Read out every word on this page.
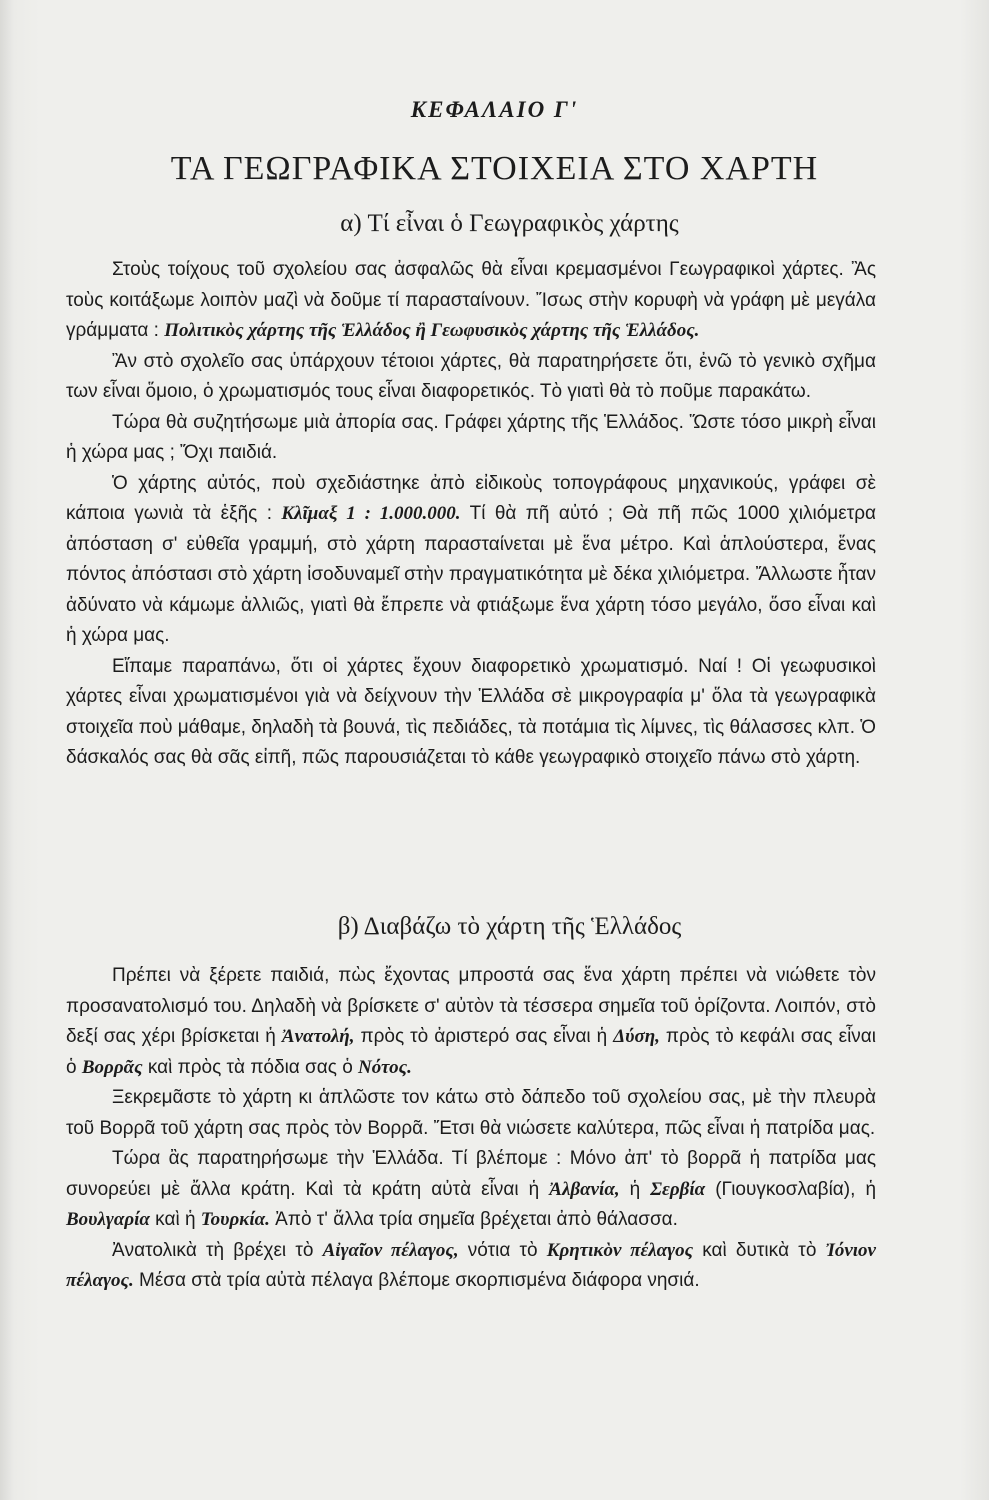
ΚΕΦΑΛΑΙΟ Γ'
ΤΑ ΓΕΩΓΡΑΦΙΚΑ ΣΤΟΙΧΕΙΑ ΣΤΟ ΧΑΡΤΗ
α) Τί εἶναι ὁ Γεωγραφικὸς χάρτης

Στοὺς τοίχους τοῦ σχολείου σας ἀσφαλῶς θὰ εἶναι κρεμασμένοι Γεωγραφικοὶ χάρτες. Ἂς τοὺς κοιτάξωμε λοιπὸν μαζὶ νὰ δοῦμε τί παρασταίνουν. Ἴσως στὴν κορυφὴ νὰ γράφη μὲ μεγάλα γράμματα : Πολιτικὸς χάρτης τῆς Ἑλλάδος ἢ Γεωφυσικὸς χάρτης τῆς Ἑλλάδος.

Ἂν στὸ σχολεῖο σας ὑπάρχουν τέτοιοι χάρτες, θὰ παρατηρήσετε ὅτι, ἐνῶ τὸ γενικὸ σχῆμα των εἶναι ὅμοιο, ὁ χρωματισμός τους εἶναι διαφορετικός. Τὸ γιατὶ θὰ τὸ ποῦμε παρακάτω.

Τώρα θὰ συζητήσωμε μιὰ ἀπορία σας. Γράφει χάρτης τῆς Ἑλλάδος. Ὥστε τόσο μικρὴ εἶναι ἡ χώρα μας ; Ὄχι παιδιά.

Ὁ χάρτης αὐτός, ποὺ σχεδιάστηκε ἀπὸ εἰδικοὺς τοπογράφους μηχανικούς, γράφει σὲ κάποια γωνιὰ τὰ ἑξῆς : Κλῖμαξ 1 : 1.000.000. Τί θὰ πῆ αὐτό ; Θὰ πῆ πῶς 1000 χιλιόμετρα ἀπόσταση σ' εὐθεῖα γραμμή, στὸ χάρτη παρασταίνεται μὲ ἕνα μέτρο. Καὶ ἁπλούστερα, ἕνας πόντος ἀπόστασι στὸ χάρτη ἰσοδυναμεῖ στὴν πραγματικότητα μὲ δέκα χιλιόμετρα. Ἄλλωστε ἦταν ἀδύνατο νὰ κάμωμε ἀλλιῶς, γιατὶ θὰ ἔπρεπε νὰ φτιάξωμε ἕνα χάρτη τόσο μεγάλο, ὅσο εἶναι καὶ ἡ χώρα μας.

Εἴπαμε παραπάνω, ὅτι οἱ χάρτες ἔχουν διαφορετικὸ χρωματισμό. Ναί ! Οἱ γεωφυσικοὶ χάρτες εἶναι χρωματισμένοι γιὰ νὰ δείχνουν τὴν Ἑλλάδα σὲ μικρογραφία μ' ὅλα τὰ γεωγραφικὰ στοιχεῖα ποὺ μάθαμε, δηλαδὴ τὰ βουνά, τὶς πεδιάδες, τὰ ποτάμια τὶς λίμνες, τὶς θάλασσες κλπ. Ὁ δάσκαλός σας θὰ σᾶς εἰπῆ, πῶς παρουσιάζεται τὸ κάθε γεωγραφικὸ στοιχεῖο πάνω στὸ χάρτη.

β) Διαβάζω τὸ χάρτη τῆς Ἑλλάδος

Πρέπει νὰ ξέρετε παιδιά, πὼς ἔχοντας μπροστά σας ἕνα χάρτη πρέπει νὰ νιώθετε τὸν προσανατολισμό του. Δηλαδὴ νὰ βρίσκετε σ' αὐτὸν τὰ τέσσερα σημεῖα τοῦ ὁρίζοντα. Λοιπόν, στὸ δεξί σας χέρι βρίσκεται ἡ Ἀνατολή, πρὸς τὸ ἀριστερό σας εἶναι ἡ Δύση, πρὸς τὸ κεφάλι σας εἶναι ὁ Βορρᾶς καὶ πρὸς τὰ πόδια σας ὁ Νότος.

Ξεκρεμᾶστε τὸ χάρτη κι ἁπλῶστε τον κάτω στὸ δάπεδο τοῦ σχολείου σας, μὲ τὴν πλευρὰ τοῦ Βορρᾶ τοῦ χάρτη σας πρὸς τὸν Βορρᾶ. Ἔτσι θὰ νιώσετε καλύτερα, πῶς εἶναι ἡ πατρίδα μας.

Τώρα ἂς παρατηρήσωμε τὴν Ἑλλάδα. Τί βλέπομε : Μόνο ἀπ' τὸ βορρᾶ ἡ πατρίδα μας συνορεύει μὲ ἄλλα κράτη. Καὶ τὰ κράτη αὐτὰ εἶναι ἡ Ἀλβανία, ἡ Σερβία (Γιουγκοσλαβία), ἡ Βουλγαρία καὶ ἡ Τουρκία. Ἀπὸ τ' ἄλλα τρία σημεῖα βρέχεται ἀπὸ θάλασσα.

Ἀνατολικὰ τὴ βρέχει τὸ Αἰγαῖον πέλαγος, νότια τὸ Κρητικὸν πέλαγος καὶ δυτικὰ τὸ Ἰόνιον πέλαγος. Μέσα στὰ τρία αὐτὰ πέλαγα βλέπομε σκορπισμένα διάφορα νησιά.
